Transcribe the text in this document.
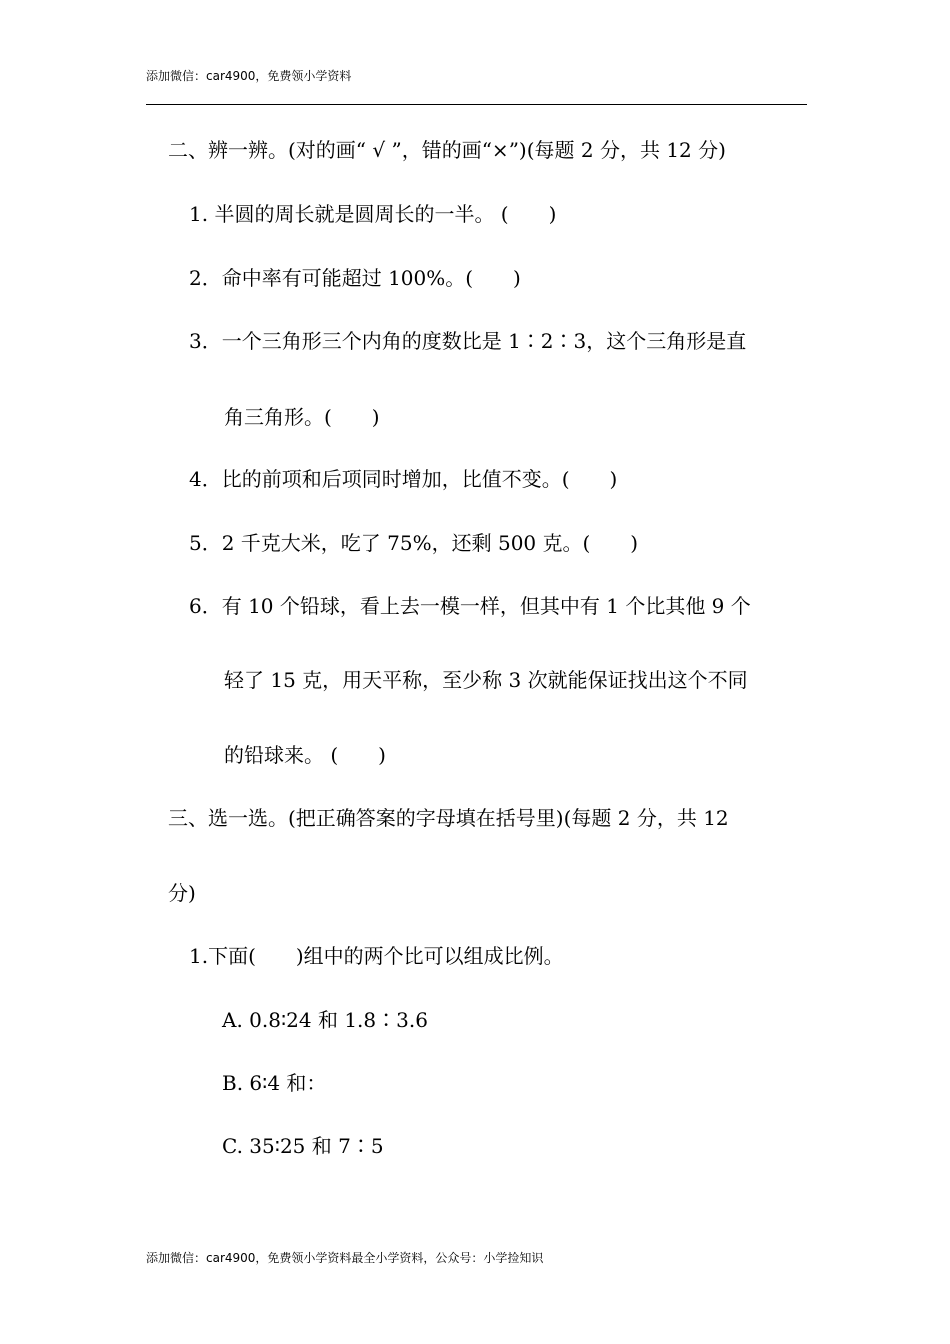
添加微信：car4900，免费领小学资料
二、辨一辨。(对的画“ √ ”，错的画“×”)(每题 2 分，共 12 分)
1. 半圆的周长就是圆周长的一半。 (　　)
2．命中率有可能超过 100%。(　　)
3．一个三角形三个内角的度数比是 1∶2∶3，这个三角形是直
角三角形。(　　)
4．比的前项和后项同时增加，比值不变。(　　)
5．2 千克大米，吃了 75%，还剩 500 克。(　　)
6．有 10 个铅球，看上去一模一样，但其中有 1 个比其他 9 个
轻了 15 克，用天平称，至少称 3 次就能保证找出这个不同
的铅球来。 (　　)
三、选一选。(把正确答案的字母填在括号里)(每题 2 分，共 12
分)
1.下面(　　)组中的两个比可以组成比例。
A. 0.8∶24 和 1.8∶3.6
B. 6∶4 和：
C. 35∶25 和 7∶5
添加微信：car4900，免费领小学资料最全小学资料，公众号：小学捡知识
